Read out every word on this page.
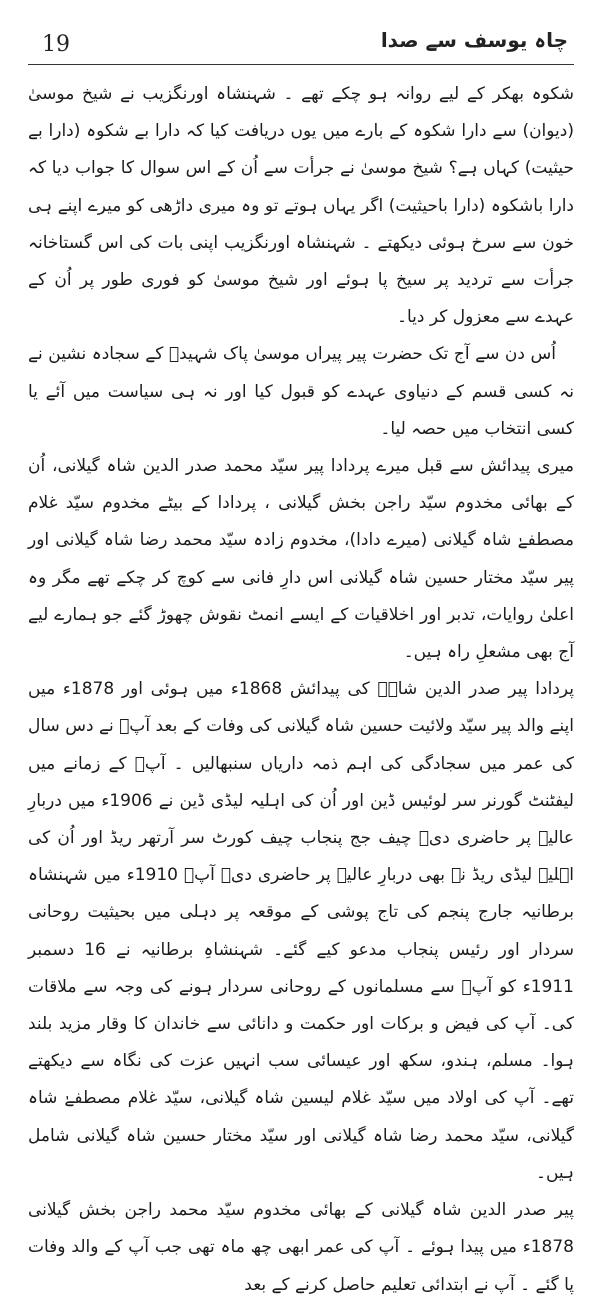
19	چاہ یوسف سے صدا

شکوہ بھکر کے لیے روانہ ہو چکے تھے ۔ شہنشاہ اورنگزیب نے شیخ موسیٰ (دیوان) سے دارا شکوہ کے بارے میں یوں دریافت کیا کہ دارا بے شکوہ (دارا بے حیثیت) کہاں ہے؟ شیخ موسیٰ نے جرأت سے اُن کے اس سوال کا جواب دیا کہ دارا باشکوہ (دارا باحیثیت) اگر یہاں ہوتے تو وہ میری داڑھی کو میرے اپنے ہی خون سے سرخ ہوئی دیکھتے ۔ شہنشاہ اورنگزیب اپنی بات کی اس گستاخانہ جرأت سے تردید پر سیخ پا ہوئے اور شیخ موسیٰ کو فوری طور پر اُن کے عہدے سے معزول کر دیا۔

اُس دن سے آج تک حضرت پیر پیراں موسیٰ پاک شہیدؒ کے سجادہ نشین نے نہ کسی قسم کے دنیاوی عہدے کو قبول کیا اور نہ ہی سیاست میں آئے یا کسی انتخاب میں حصہ لیا۔

میری پیدائش سے قبل میرے پردادا پیر سیّد محمد صدر الدین شاہ گیلانی، اُن کے بھائی مخدوم سیّد راجن بخش گیلانی ، پردادا کے بیٹے مخدوم سیّد غلام مصطفےٰ شاہ گیلانی (میرے دادا)، مخدوم زادہ سیّد محمد رضا شاہ گیلانی اور پیر سیّد مختار حسین شاہ گیلانی اس دارِ فانی سے کوچ کر چکے تھے مگر وہ اعلیٰ روایات، تدبر اور اخلاقیات کے ایسے انمٹ نقوش چھوڑ گئے جو ہمارے لیے آج بھی مشعلِ راہ ہیں۔

پردادا پیر صدر الدین شاہؒ کی پیدائش 1868ء میں ہوئی اور 1878ء میں اپنے والد پیر سیّد ولائیت حسین شاہ گیلانی کی وفات کے بعد آپؒ نے دس سال کی عمر میں سجادگی کی اہم ذمہ داریاں سنبھالیں ۔ آپؒ کے زمانے میں لیفٹنٹ گورنر سر لوئیس ڈین اور اُن کی اہلیہ لیڈی ڈین نے 1906ء میں دربارِ عالیہ پر حاضری دی۔ چیف جج پنجاب چیف کورٹ سر آرتھر ریڈ اور اُن کی اہلیہ لیڈی ریڈ نے بھی دربارِ عالیہ پر حاضری دی۔ آپؒ 1910ء میں شہنشاہ برطانیہ جارج پنجم کی تاج پوشی کے موقعہ پر دہلی میں بحیثیت روحانی سردار اور رئیس پنجاب مدعو کیے گئے۔ شہنشاہِ برطانیہ نے 16 دسمبر 1911ء کو آپؒ سے مسلمانوں کے روحانی سردار ہونے کی وجہ سے ملاقات کی۔ آپ کی فیض و برکات اور حکمت و دانائی سے خاندان کا وقار مزید بلند ہوا۔ مسلم، ہندو، سکھ اور عیسائی سب انہیں عزت کی نگاہ سے دیکھتے تھے۔ آپ کی اولاد میں سیّد غلام لیسین شاہ گیلانی، سیّد غلام مصطفےٰ شاہ گیلانی، سیّد محمد رضا شاہ گیلانی اور سیّد مختار حسین شاہ گیلانی شامل ہیں۔

پیر صدر الدین شاہ گیلانی کے بھائی مخدوم سیّد محمد راجن بخش گیلانی 1878ء میں پیدا ہوئے ۔ آپ کی عمر ابھی چھ ماہ تھی جب آپ کے والد وفات پا گئے ۔ آپ نے ابتدائی تعلیم حاصل کرنے کے بعد
